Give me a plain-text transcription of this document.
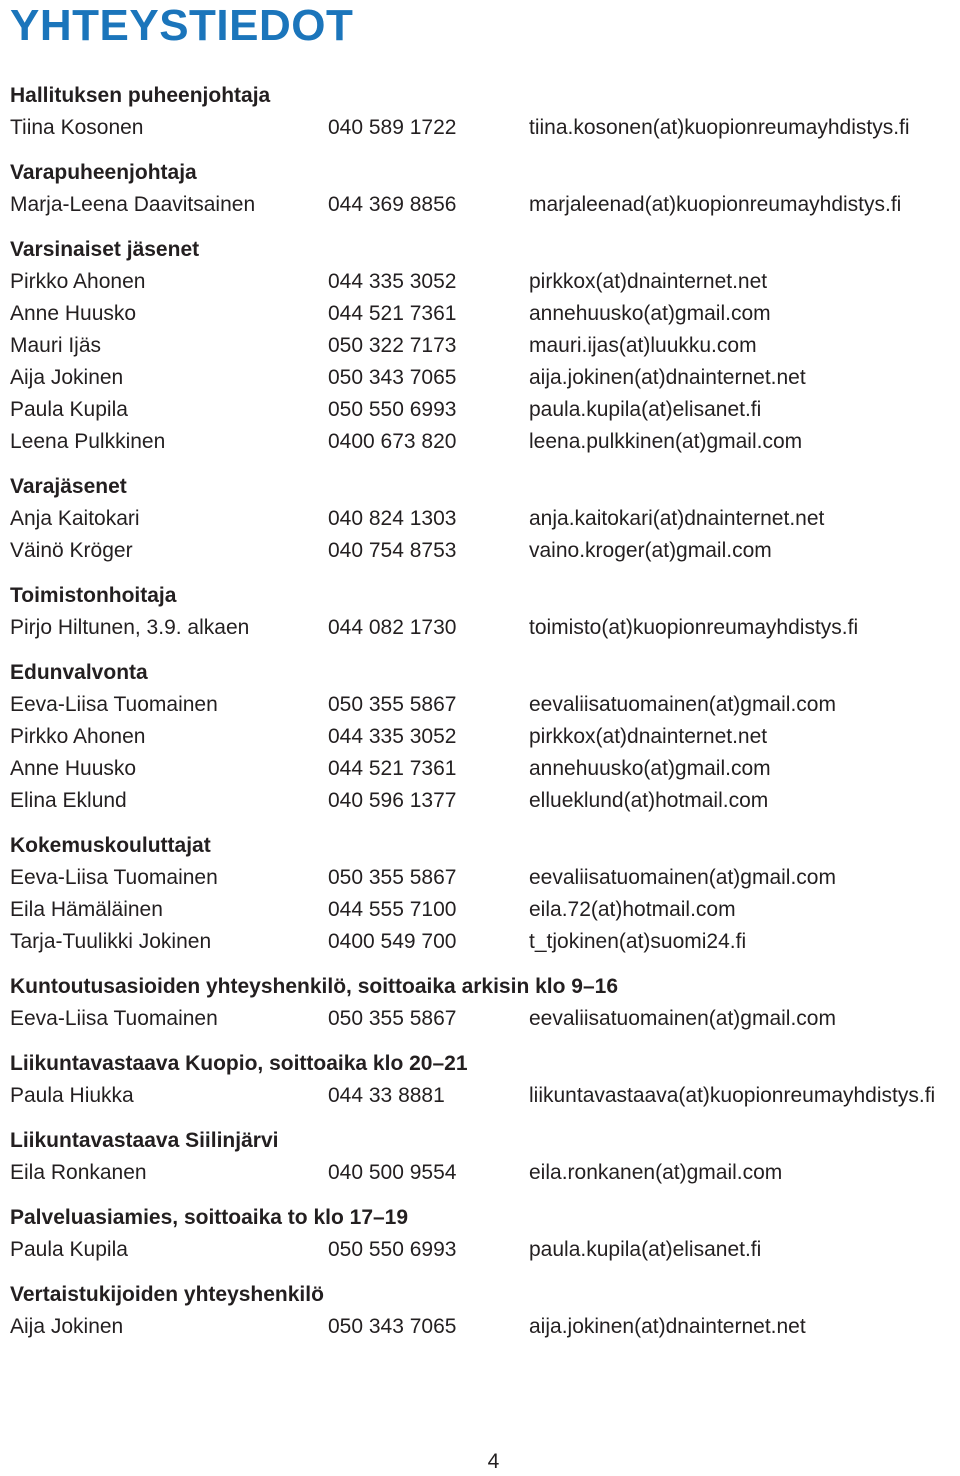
YHTEYSTIEDOT
Hallituksen puheenjohtaja
Tiina Kosonen	040 589 1722	tiina.kosonen(at)kuopionreumayhdistys.fi
Varapuheenjohtaja
Marja-Leena Daavitsainen	044 369 8856	marjaleenad(at)kuopionreumayhdistys.fi
Varsinaiset jäsenet
Pirkko Ahonen	044 335 3052	pirkkox(at)dnainternet.net
Anne Huusko	044 521 7361	annehuusko(at)gmail.com
Mauri Ijäs	050 322 7173	mauri.ijas(at)luukku.com
Aija Jokinen	050 343 7065	aija.jokinen(at)dnainternet.net
Paula Kupila	050 550 6993	paula.kupila(at)elisanet.fi
Leena Pulkkinen	0400 673 820	leena.pulkkinen(at)gmail.com
Varajäsenet
Anja Kaitokari	040 824 1303	anja.kaitokari(at)dnainternet.net
Väinö Kröger	040 754 8753	vaino.kroger(at)gmail.com
Toimistonhoitaja
Pirjo Hiltunen, 3.9. alkaen	044 082 1730	toimisto(at)kuopionreumayhdistys.fi
Edunvalvonta
Eeva-Liisa Tuomainen	050 355 5867	eevaliisatuomainen(at)gmail.com
Pirkko Ahonen	044 335 3052	pirkkox(at)dnainternet.net
Anne Huusko	044 521 7361	annehuusko(at)gmail.com
Elina Eklund	040 596 1377	ellueklund(at)hotmail.com
Kokemuskouluttajat
Eeva-Liisa Tuomainen	050 355 5867	eevaliisatuomainen(at)gmail.com
Eila Hämäläinen	044 555 7100	eila.72(at)hotmail.com
Tarja-Tuulikki Jokinen	0400 549 700	t_tjokinen(at)suomi24.fi
Kuntoutusasioiden yhteyshenkilö, soittoaika arkisin klo 9–16
Eeva-Liisa Tuomainen	050 355 5867	eevaliisatuomainen(at)gmail.com
Liikuntavastaava Kuopio, soittoaika klo 20–21
Paula Hiukka	044 33 8881	liikuntavastaava(at)kuopionreumayhdistys.fi
Liikuntavastaava Siilinjärvi
Eila Ronkanen	040 500 9554	eila.ronkanen(at)gmail.com
Palveluasiamies, soittoaika to klo 17–19
Paula Kupila	050 550 6993	paula.kupila(at)elisanet.fi
Vertaistukijoiden yhteyshenkilö
Aija Jokinen	050 343 7065	aija.jokinen(at)dnainternet.net
4
